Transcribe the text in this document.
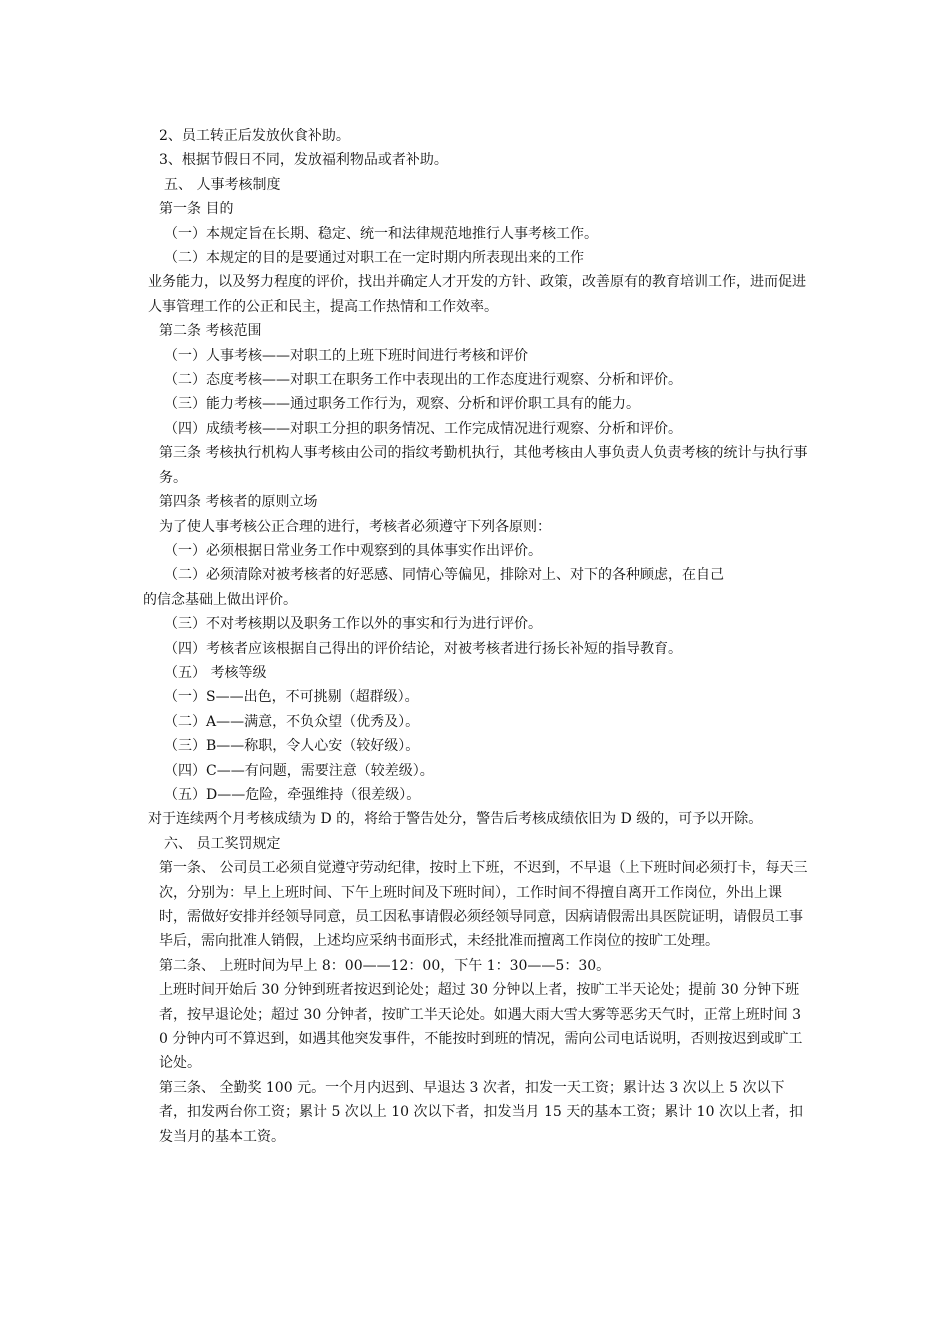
2、员工转正后发放伙食补助。

3、根据节假日不同，发放福利物品或者补助。

五、 人事考核制度

第一条 目的

（一）本规定旨在长期、稳定、统一和法律规范地推行人事考核工作。

（二）本规定的目的是要通过对职工在一定时期内所表现出来的工作

业务能力，以及努力程度的评价，找出并确定人才开发的方针、政策，改善原有的教育培训工作，进而促进人事管理工作的公正和民主，提高工作热情和工作效率。

第二条 考核范围

（一）人事考核——对职工的上班下班时间进行考核和评价

（二）态度考核——对职工在职务工作中表现出的工作态度进行观察、分析和评价。

（三）能力考核——通过职务工作行为，观察、分析和评价职工具有的能力。

（四）成绩考核——对职工分担的职务情况、工作完成情况进行观察、分析和评价。

第三条 考核执行机构人事考核由公司的指纹考勤机执行，其他考核由人事负责人负责考核的统计与执行事务。

第四条 考核者的原则立场

为了使人事考核公正合理的进行，考核者必须遵守下列各原则：

（一）必须根据日常业务工作中观察到的具体事实作出评价。

（二）必须清除对被考核者的好恶感、同情心等偏见，排除对上、对下的各种顾虑，在自己

的信念基础上做出评价。

（三）不对考核期以及职务工作以外的事实和行为进行评价。

（四）考核者应该根据自己得出的评价结论，对被考核者进行扬长补短的指导教育。

（五） 考核等级

（一）S——出色，不可挑剔（超群级）。

（二）A——满意，不负众望（优秀及）。

（三）B——称职，令人心安（较好级）。

（四）C——有问题，需要注意（较差级）。

（五）D——危险，牵强维持（很差级）。

对于连续两个月考核成绩为 D 的，将给于警告处分，警告后考核成绩依旧为 D 级的，可予以开除。

六、 员工奖罚规定

第一条、 公司员工必须自觉遵守劳动纪律，按时上下班，不迟到，不早退（上下班时间必须打卡，每天三次，分别为：早上上班时间、下午上班时间及下班时间），工作时间不得擅自离开工作岗位，外出上课时，需做好安排并经领导同意，员工因私事请假必须经领导同意，因病请假需出具医院证明，请假员工事毕后，需向批准人销假，上述均应采纳书面形式，未经批准而擅离工作岗位的按旷工处理。

第二条、 上班时间为早上 8：00——12：00，下午 1：30——5：30。

上班时间开始后 30 分钟到班者按迟到论处；超过 30 分钟以上者，按旷工半天论处；提前 30 分钟下班者，按早退论处；超过 30 分钟者，按旷工半天论处。如遇大雨大雪大雾等恶劣天气时，正常上班时间 30 分钟内可不算迟到，如遇其他突发事件，不能按时到班的情况，需向公司电话说明，否则按迟到或旷工论处。

第三条、 全勤奖 100 元。一个月内迟到、早退达 3 次者，扣发一天工资；累计达 3 次以上 5 次以下者，扣发两台你工资；累计 5 次以上 10 次以下者，扣发当月 15 天的基本工资；累计 10 次以上者，扣发当月的基本工资。
